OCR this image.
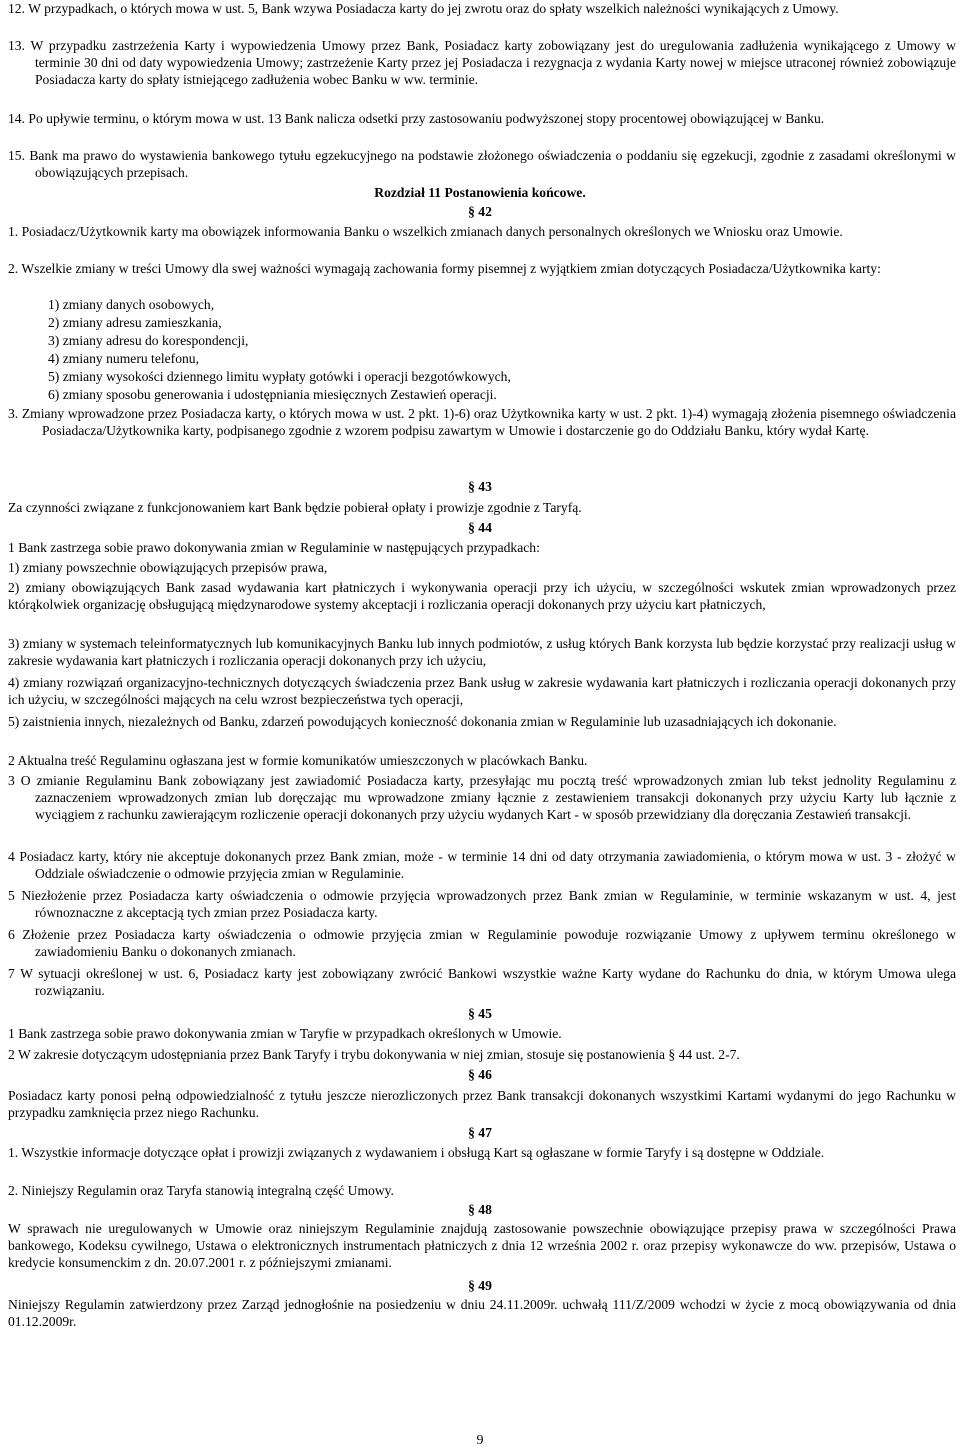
12. W przypadkach, o których mowa w ust. 5, Bank wzywa Posiadacza karty do jej zwrotu oraz do spłaty wszelkich należności wynikających z Umowy.
13. W przypadku zastrzeżenia Karty i wypowiedzenia Umowy przez Bank, Posiadacz karty zobowiązany jest do uregulowania zadłużenia wynikającego z Umowy w terminie 30 dni od daty wypowiedzenia Umowy; zastrzeżenie Karty przez jej Posiadacza i rezygnacja z wydania Karty nowej w miejsce utraconej również zobowiązuje Posiadacza karty do spłaty istniejącego zadłużenia wobec Banku w ww. terminie.
14. Po upływie terminu, o którym mowa w ust. 13 Bank nalicza odsetki przy zastosowaniu podwyższonej stopy procentowej obowiązującej w Banku.
15. Bank ma prawo do wystawienia bankowego tytułu egzekucyjnego na podstawie złożonego oświadczenia o poddaniu się egzekucji, zgodnie z zasadami określonymi w obowiązujących przepisach.
Rozdział 11 Postanowienia końcowe.
§ 42
1. Posiadacz/Użytkownik karty ma obowiązek informowania Banku o wszelkich zmianach danych personalnych określonych we Wniosku oraz Umowie.
2. Wszelkie zmiany w treści Umowy dla swej ważności wymagają zachowania formy pisemnej z wyjątkiem zmian dotyczących Posiadacza/Użytkownika karty:
1) zmiany danych osobowych,
2) zmiany adresu zamieszkania,
3) zmiany adresu do korespondencji,
4) zmiany numeru telefonu,
5) zmiany wysokości dziennego limitu wypłaty gotówki i operacji bezgotówkowych,
6) zmiany sposobu generowania i udostępniania miesięcznych Zestawień operacji.
3. Zmiany wprowadzone przez Posiadacza karty, o których mowa w ust. 2 pkt. 1)-6) oraz Użytkownika karty w ust. 2 pkt. 1)-4) wymagają złożenia pisemnego oświadczenia Posiadacza/Użytkownika karty, podpisanego zgodnie z wzorem podpisu zawartym w Umowie i dostarczenie go do Oddziału Banku, który wydał Kartę.
§ 43
Za czynności związane z funkcjonowaniem kart Bank będzie pobierał opłaty i prowizje zgodnie z Taryfą.
§ 44
1 Bank zastrzega sobie prawo dokonywania zmian w Regulaminie w następujących przypadkach:
1) zmiany powszechnie obowiązujących przepisów prawa,
2) zmiany obowiązujących Bank zasad wydawania kart płatniczych i wykonywania operacji przy ich użyciu, w szczególności wskutek zmian wprowadzonych przez którąkolwiek organizację obsługującą międzynarodowe systemy akceptacji i rozliczania operacji dokonanych przy użyciu kart płatniczych,
3) zmiany w systemach teleinformatycznych lub komunikacyjnych Banku lub innych podmiotów, z usług których Bank korzysta lub będzie korzystać przy realizacji usług w zakresie wydawania kart płatniczych i rozliczania operacji dokonanych przy ich użyciu,
4) zmiany rozwiązań organizacyjno-technicznych dotyczących świadczenia przez Bank usług w zakresie wydawania kart płatniczych i rozliczania operacji dokonanych przy ich użyciu, w szczególności mających na celu wzrost bezpieczeństwa tych operacji,
5) zaistnienia innych, niezależnych od Banku, zdarzeń powodujących konieczność dokonania zmian w Regulaminie lub uzasadniających ich dokonanie.
2 Aktualna treść Regulaminu ogłaszana jest w formie komunikatów umieszczonych w placówkach Banku.
3 O zmianie Regulaminu Bank zobowiązany jest zawiadomić Posiadacza karty, przesyłając mu pocztą treść wprowadzonych zmian lub tekst jednolity Regulaminu z zaznaczeniem wprowadzonych zmian lub doręczając mu wprowadzone zmiany łącznie z zestawieniem transakcji dokonanych przy użyciu Karty lub łącznie z wyciągiem z rachunku zawierającym rozliczenie operacji dokonanych przy użyciu wydanych Kart - w sposób przewidziany dla doręczania Zestawień transakcji.
4 Posiadacz karty, który nie akceptuje dokonanych przez Bank zmian, może - w terminie 14 dni od daty otrzymania zawiadomienia, o którym mowa w ust. 3 - złożyć w Oddziale oświadczenie o odmowie przyjęcia zmian w Regulaminie.
5 Niezłożenie przez Posiadacza karty oświadczenia o odmowie przyjęcia wprowadzonych przez Bank zmian w Regulaminie, w terminie wskazanym w ust. 4, jest równoznaczne z akceptacją tych zmian przez Posiadacza karty.
6 Złożenie przez Posiadacza karty oświadczenia o odmowie przyjęcia zmian w Regulaminie powoduje rozwiązanie Umowy z upływem terminu określonego w zawiadomieniu Banku o dokonanych zmianach.
7 W sytuacji określonej w ust. 6, Posiadacz karty jest zobowiązany zwrócić Bankowi wszystkie ważne Karty wydane do Rachunku do dnia, w którym Umowa ulega rozwiązaniu.
§ 45
1 Bank zastrzega sobie prawo dokonywania zmian w Taryfie w przypadkach określonych w Umowie.
2 W zakresie dotyczącym udostępniania przez Bank Taryfy i trybu dokonywania w niej zmian, stosuje się postanowienia § 44 ust. 2-7.
§ 46
Posiadacz karty ponosi pełną odpowiedzialność z tytułu jeszcze nierozliczonych przez Bank transakcji dokonanych wszystkimi Kartami wydanymi do jego Rachunku w przypadku zamknięcia przez niego Rachunku.
§ 47
1. Wszystkie informacje dotyczące opłat i prowizji związanych z wydawaniem i obsługą Kart są ogłaszane w formie Taryfy i są dostępne w Oddziale.
2. Niniejszy Regulamin oraz Taryfa stanowią integralną część Umowy.
§ 48
W sprawach nie uregulowanych w Umowie oraz niniejszym Regulaminie znajdują zastosowanie powszechnie obowiązujące przepisy prawa w szczególności Prawa bankowego, Kodeksu cywilnego, Ustawa o elektronicznych instrumentach płatniczych z dnia 12 września 2002 r. oraz przepisy wykonawcze do ww. przepisów, Ustawa o kredycie konsumenckim z dn. 20.07.2001 r. z późniejszymi zmianami.
§ 49
Niniejszy Regulamin zatwierdzony przez Zarząd jednogłośnie na posiedzeniu w dniu 24.11.2009r. uchwałą 111/Z/2009 wchodzi w życie z mocą obowiązywania od dnia 01.12.2009r.
9
